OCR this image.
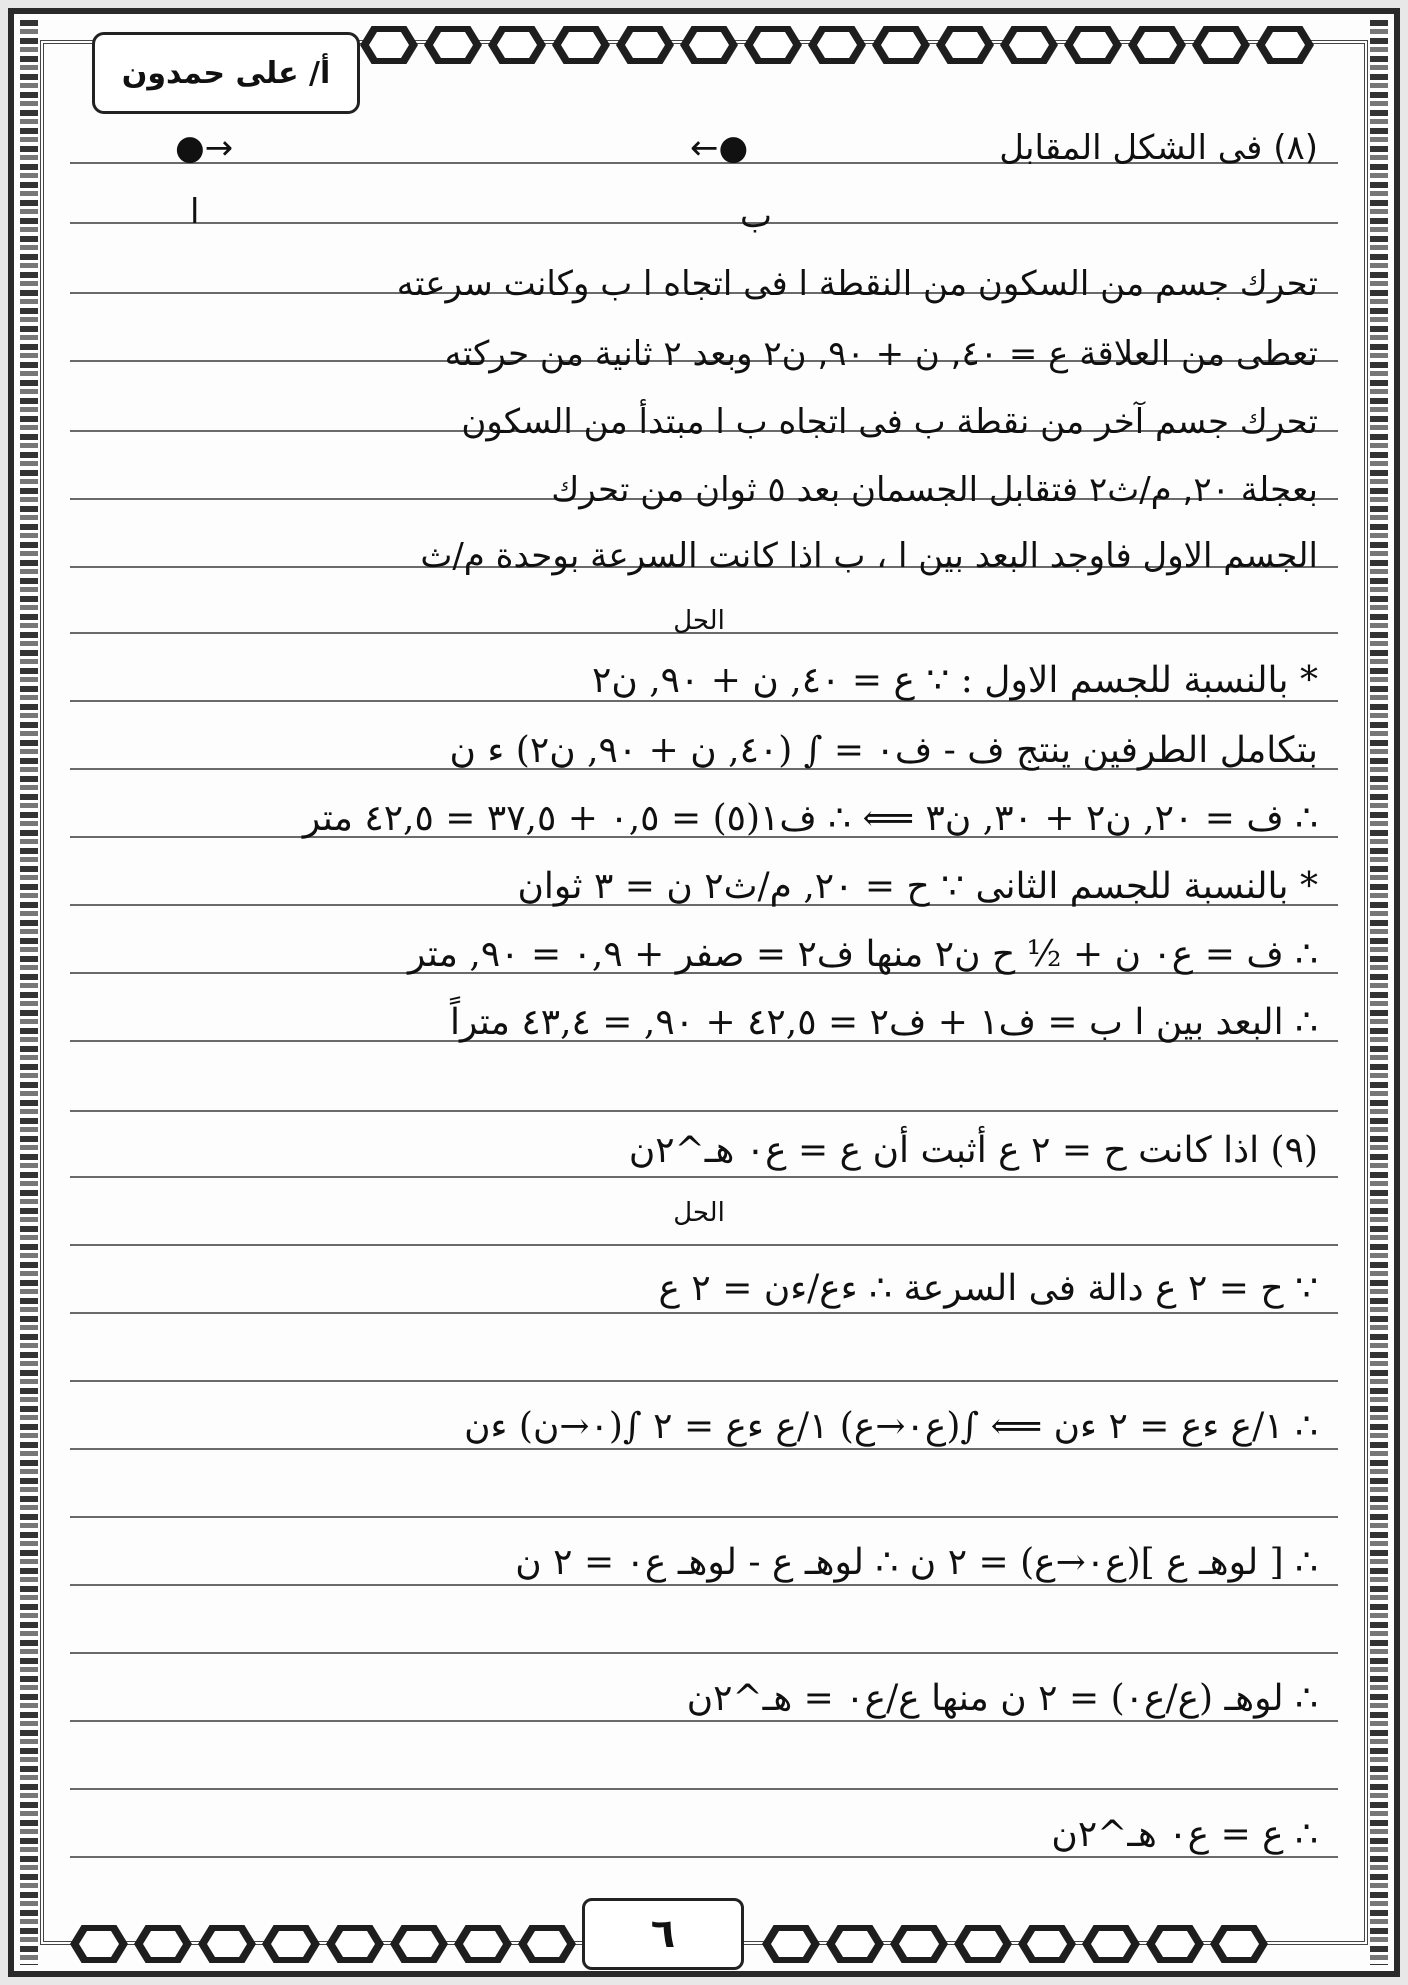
أ/ على حمدون
٦
(٨) فى الشكل المقابل
●→	←●
ا	ب
تحرك جسم من السكون من النقطة ا فى اتجاه ا ب وكانت سرعته
تعطى من العلاقة ع = ٤٠, ن + ٩٠, ن٢ وبعد ٢ ثانية من حركته
تحرك جسم آخر من نقطة ب فى اتجاه ب ا مبتدأ من السكون
بعجلة ٢٠, م/ث٢ فتقابل الجسمان بعد ٥ ثوان من تحرك
الجسم الاول فاوجد البعد بين ا ، ب اذا كانت السرعة بوحدة م/ث
الحل
* بالنسبة للجسم الاول : ∵ ع = ٤٠, ن + ٩٠, ن٢
بتكامل الطرفين ينتج ف - ف٠ = ∫ (٤٠, ن + ٩٠, ن٢) ء ن
∴ ف = ٢٠, ن٢ + ٣٠, ن٣ ⟸ ∴ ف١(٥) = ٠,٥ + ٣٧,٥ = ٤٢,٥ متر
* بالنسبة للجسم الثانى ∵ ح = ٢٠, م/ث٢ ن = ٣ ثوان
∴ ف = ع٠ ن + ½ ح ن٢ منها ف٢ = صفر + ٠,٩ = ٩٠, متر
∴ البعد بين ا ب = ف١ + ف٢ = ٤٢,٥ + ٩٠, = ٤٣,٤ متراً
(٩) اذا كانت ح = ٢ ع أثبت أن ع = ع٠ هـ^٢ن
الحل
∵ ح = ٢ ع دالة فى السرعة ∴ ءع/ءن = ٢ ع
∴ ١/ع ءع = ٢ ءن ⟸ ∫(ع٠→ع) ١/ع ءع = ٢ ∫(٠→ن) ءن
∴ [ لوهـ ع ](ع٠→ع) = ٢ ن ∴ لوهـ ع - لوهـ ع٠ = ٢ ن
∴ لوهـ (ع/ع٠) = ٢ ن منها ع/ع٠ = هـ^٢ن
∴ ع = ع٠ هـ^٢ن
